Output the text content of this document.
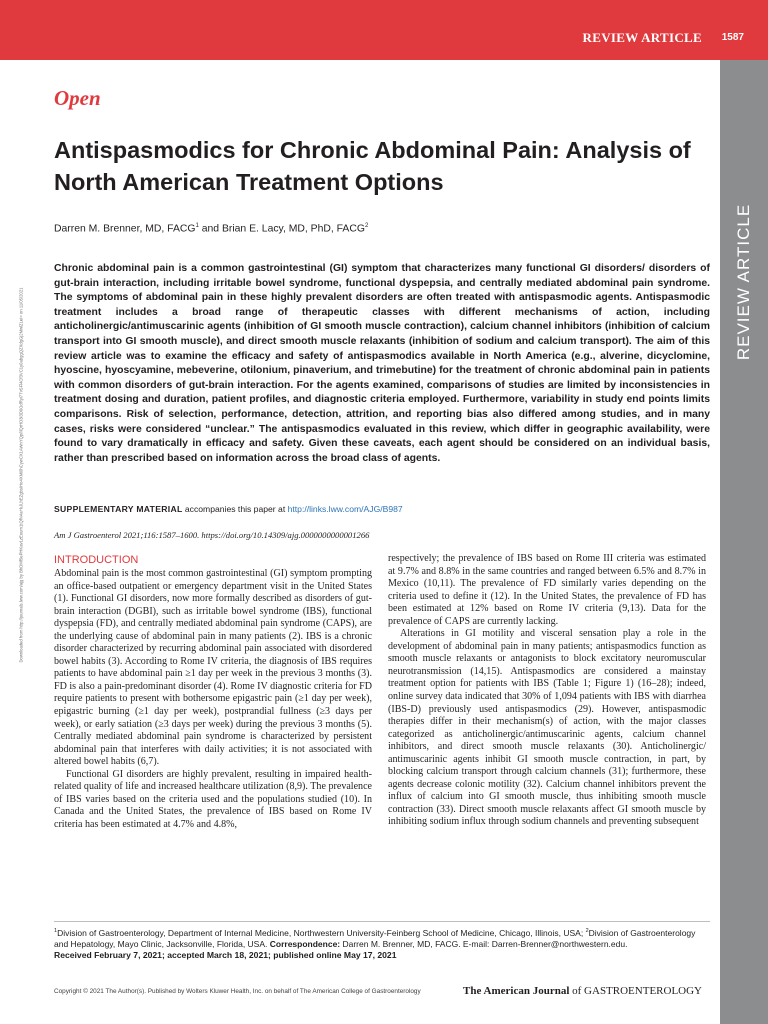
REVIEW ARTICLE 1587
REVIEW ARTICLE
Downloaded from http://journals.lww.com/ajg by BhDMf5ePHKav1zEoum1tQfN4a+kJLhEZgbsIHo4XMi0hCywCX1AWnYQp/IlQrHD3i3D0OdRyi7TvSFl4Cf3VC1y0abggQZXdgGj2MwlZLeI= on 11/05/2021
Open
Antispasmodics for Chronic Abdominal Pain: Analysis of North American Treatment Options
Darren M. Brenner, MD, FACG$^1$ and Brian E. Lacy, MD, PhD, FACG$^2$

Chronic abdominal pain is a common gastrointestinal (GI) symptom that characterizes many functional GI disorders/ disorders of gut-brain interaction, including irritable bowel syndrome, functional dyspepsia, and centrally mediated abdominal pain syndrome. The symptoms of abdominal pain in these highly prevalent disorders are often treated with antispasmodic agents. Antispasmodic treatment includes a broad range of therapeutic classes with different mechanisms of action, including anticholinergic/antimuscarinic agents (inhibition of GI smooth muscle contraction), calcium channel inhibitors (inhibition of calcium transport into GI smooth muscle), and direct smooth muscle relaxants (inhibition of sodium and calcium transport). The aim of this review article was to examine the efficacy and safety of antispasmodics available in North America (e.g., alverine, dicyclomine, hyoscine, hyoscyamine, mebeverine, otilonium, pinaverium, and trimebutine) for the treatment of chronic abdominal pain in patients with common disorders of gut-brain interaction. For the agents examined, comparisons of studies are limited by inconsistencies in treatment dosing and duration, patient profiles, and diagnostic criteria employed. Furthermore, variability in study end points limits comparisons. Risk of selection, performance, detection, attrition, and reporting bias also differed among studies, and in many cases, risks were considered “unclear.” The antispasmodics evaluated in this review, which differ in geographic availability, were found to vary dramatically in efficacy and safety. Given these caveats, each agent should be considered on an individual basis, rather than prescribed based on information across the broad class of agents.

SUPPLEMENTARY MATERIAL accompanies this paper at http://links.lww.com/AJG/B987
Am J Gastroenterol 2021;116:1587–1600. https://doi.org/10.14309/ajg.0000000000001266
INTRODUCTION

Abdominal pain is the most common gastrointestinal (GI) symptom prompting an office-based outpatient or emergency department visit in the United States (1). Functional GI disorders, now more formally described as disorders of gut-brain interaction (DGBI), such as irritable bowel syndrome (IBS), functional dyspepsia (FD), and centrally mediated abdominal pain syndrome (CAPS), are the underlying cause of abdominal pain in many patients (2). IBS is a chronic disorder characterized by recurring abdominal pain associated with disordered bowel habits (3). According to Rome IV criteria, the diagnosis of IBS requires patients to have abdominal pain ≥1 day per week in the previous 3 months (3). FD is also a pain-predominant disorder (4). Rome IV diagnostic criteria for FD require patients to present with bothersome epigastric pain (≥1 day per week), epigastric burning (≥1 day per week), postprandial fullness (≥3 days per week), or early satiation (≥3 days per week) during the previous 3 months (5). Centrally mediated abdominal pain syndrome is characterized by persistent abdominal pain that interferes with daily activities; it is not associated with altered bowel habits (6,7).

Functional GI disorders are highly prevalent, resulting in impaired health-related quality of life and increased healthcare utilization (8,9). The prevalence of IBS varies based on the criteria used and the populations studied (10). In Canada and the United States, the prevalence of IBS based on Rome IV criteria has been estimated at 4.7% and 4.8%,

respectively; the prevalence of IBS based on Rome III criteria was estimated at 9.7% and 8.8% in the same countries and ranged between 6.5% and 8.7% in Mexico (10,11). The prevalence of FD similarly varies depending on the criteria used to define it (12). In the United States, the prevalence of FD has been estimated at 12% based on Rome IV criteria (9,13). Data for the prevalence of CAPS are currently lacking.

Alterations in GI motility and visceral sensation play a role in the development of abdominal pain in many patients; antispasmodics function as smooth muscle relaxants or antagonists to block excitatory neuromuscular neurotransmission (14,15). Antispasmodics are considered a mainstay treatment option for patients with IBS (Table 1; Figure 1) (16–28); indeed, online survey data indicated that 30% of 1,094 patients with IBS with diarrhea (IBS-D) previously used antispasmodics (29). However, antispasmodic therapies differ in their mechanism(s) of action, with the major classes categorized as anticholinergic/antimuscarinic agents, calcium channel inhibitors, and direct smooth muscle relaxants (30). Anticholinergic/ antimuscarinic agents inhibit GI smooth muscle contraction, in part, by blocking calcium transport through calcium channels (31); furthermore, these agents decrease colonic motility (32). Calcium channel inhibitors prevent the influx of calcium into GI smooth muscle, thus inhibiting smooth muscle contraction (33). Direct smooth muscle relaxants affect GI smooth muscle by inhibiting sodium influx through sodium channels and preventing subsequent

$^1$Division of Gastroenterology, Department of Internal Medicine, Northwestern University-Feinberg School of Medicine, Chicago, Illinois, USA; $^2$Division of Gastroenterology and Hepatology, Mayo Clinic, Jacksonville, Florida, USA. Correspondence: Darren M. Brenner, MD, FACG. E-mail: Darren-Brenner@northwestern.edu.
Received February 7, 2021; accepted March 18, 2021; published online May 17, 2021
Copyright © 2021 The Author(s). Published by Wolters Kluwer Health, Inc. on behalf of The American College of Gastroenterology	The American Journal of GASTROENTEROLOGY
